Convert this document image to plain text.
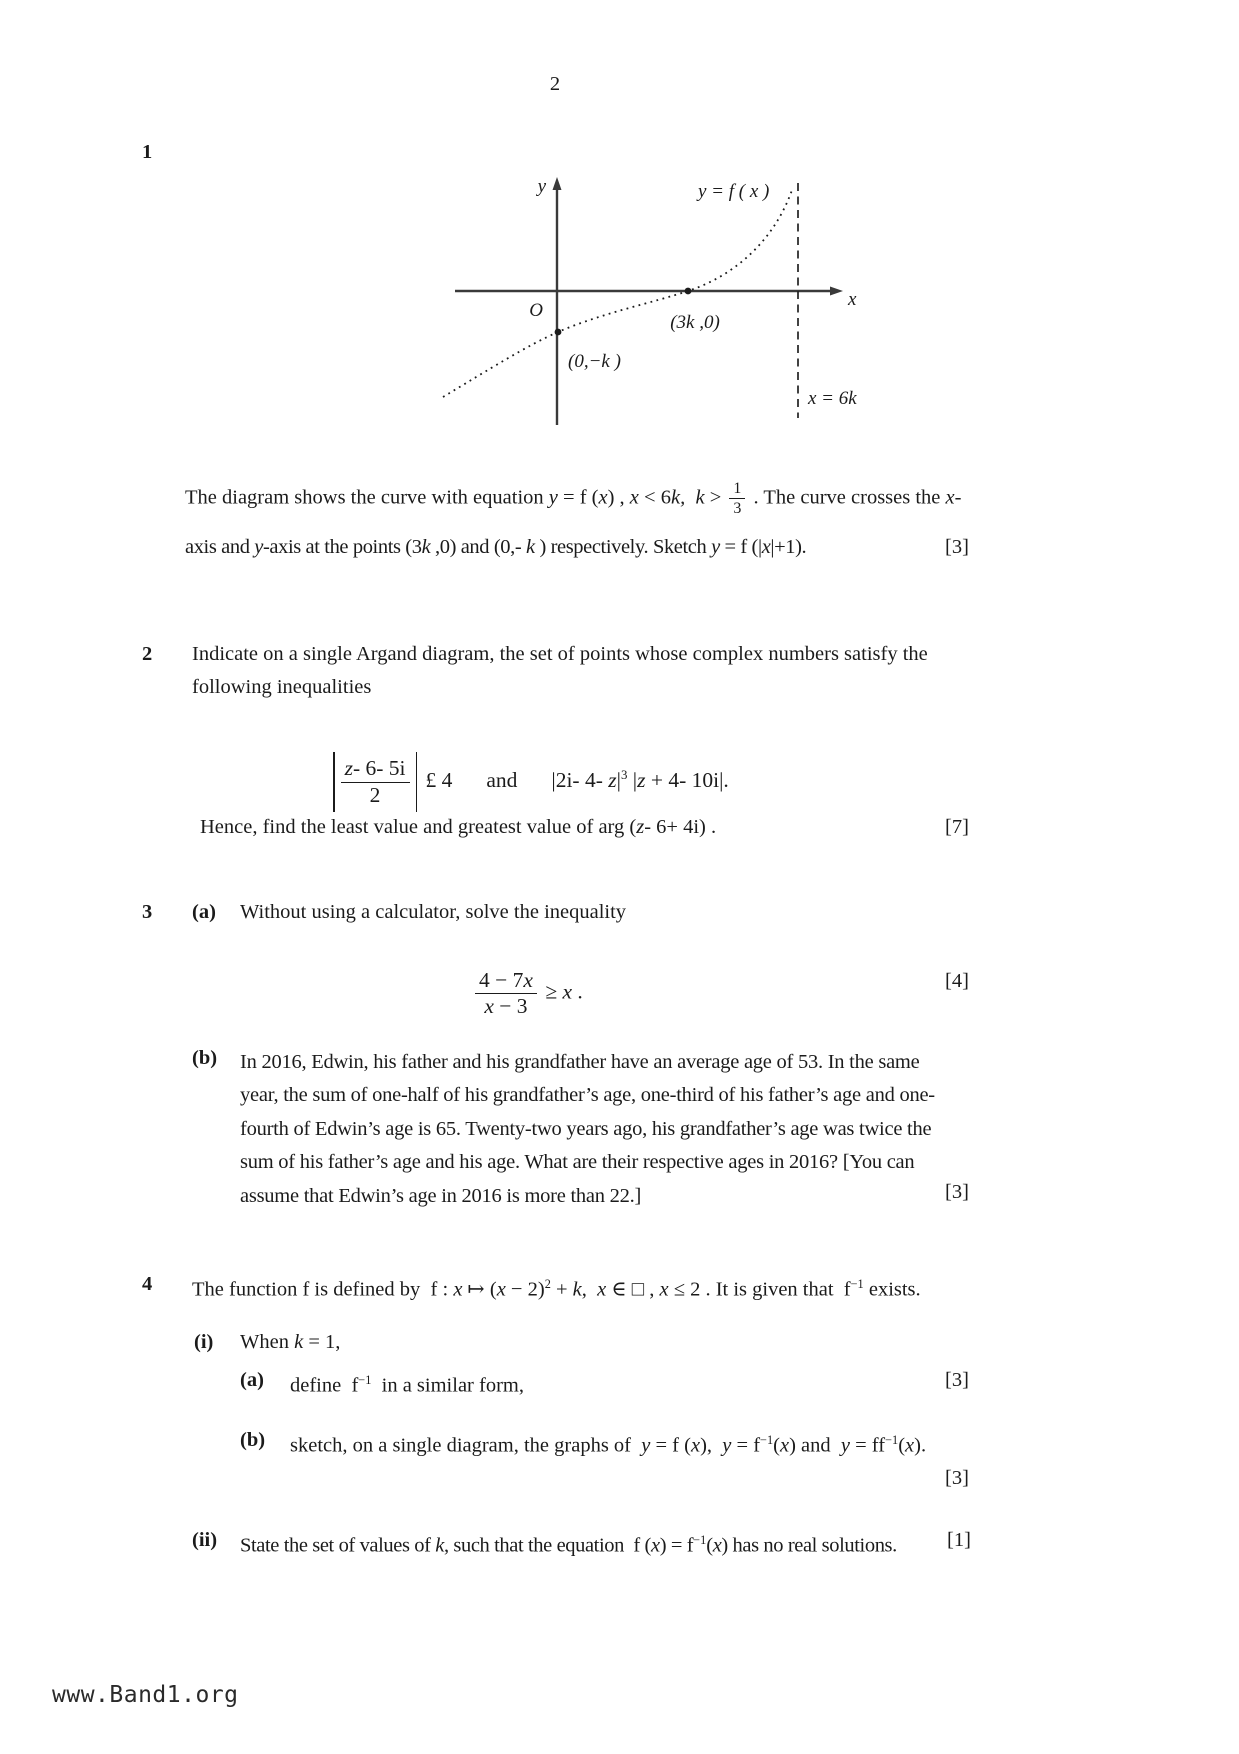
2
1
y
x
O
y = f ( x )
(3k ,0)
(0,−k )
x = 6k
The diagram shows the curve with equation y = f (x) , x < 6k, $k > \frac{1}{3}$ . The curve crosses the x-
axis and y-axis at the points (3k ,0) and (0,- k ) respectively. Sketch y = f (|x|+1).	[3]
2 Indicate on a single Argand diagram, the set of points whose complex numbers satisfy the
following inequalities
$\frac{z- 6- 5i}{2}$ £ 4 and |2i- 4- $z|^3$ |z + 4- 10i|.
Hence, find the least value and greatest value of arg (z- 6+ 4i) .	[7]
3 (a) Without using a calculator, solve the inequality
$\frac{4 - 7x}{x - 3} \ge x$ .	[4]
(b) In 2016, Edwin, his father and his grandfather have an average age of 53. In the same
year, the sum of one-half of his grandfather’s age, one-third of his father’s age and one-
fourth of Edwin’s age is 65. Twenty-two years ago, his grandfather’s age was twice the
sum of his father’s age and his age. What are their respective ages in 2016? [You can
assume that Edwin’s age in 2016 is more than 22.]	[3]
4 The function f is defined by  f : x ↦ $(x - 2)^2 + k$,  x ∈ □ , x ≤ 2 . It is given that  $f^{-1}$ exists.
(i) When k = 1,
(a) define  $f^{-1}$  in a similar form,	[3]
(b) sketch, on a single diagram, the graphs of  y = f (x),  $y = f^{-1}(x)$ and  $y = ff^{-1}(x)$.
[3]
(ii) State the set of values of k, such that the equation  f $(x) = f^{-1}(x)$ has no real solutions. [1]
www.Band1.org
